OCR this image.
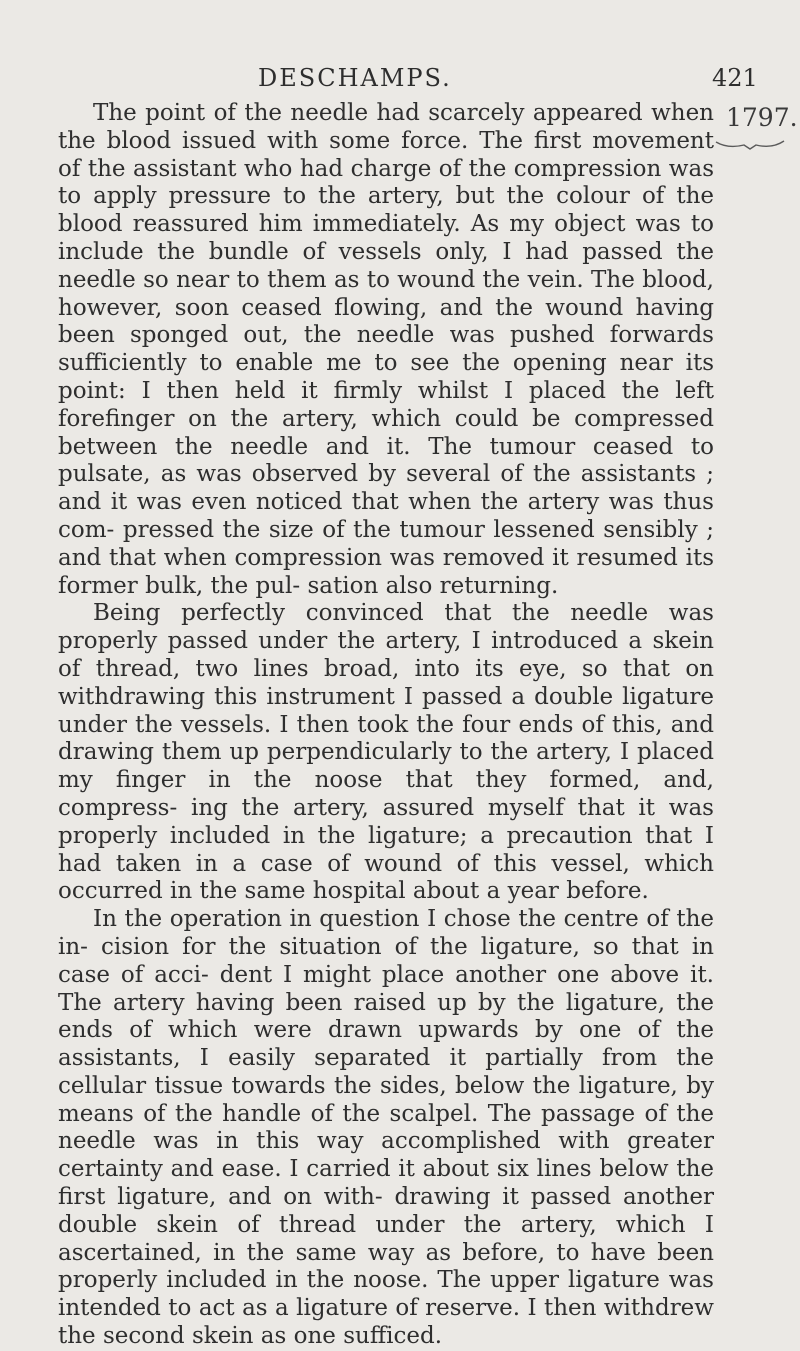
DESCHAMPS.	421
1797.

The point of the needle had scarcely appeared when the blood issued with some force. The first movement of the assistant who had charge of the compression was to apply pressure to the artery, but the colour of the blood reassured him immediately. As my object was to include the bundle of vessels only, I had passed the needle so near to them as to wound the vein. The blood, however, soon ceased flowing, and the wound having been sponged out, the needle was pushed forwards sufficiently to enable me to see the opening near its point: I then held it firmly whilst I placed the left forefinger on the artery, which could be compressed between the needle and it. The tumour ceased to pulsate, as was observed by several of the assistants ; and it was even noticed that when the artery was thus com- pressed the size of the tumour lessened sensibly ; and that when compression was removed it resumed its former bulk, the pul- sation also returning.

Being perfectly convinced that the needle was properly passed under the artery, I introduced a skein of thread, two lines broad, into its eye, so that on withdrawing this instrument I passed a double ligature under the vessels. I then took the four ends of this, and drawing them up perpendicularly to the artery, I placed my finger in the noose that they formed, and, compress- ing the artery, assured myself that it was properly included in the ligature; a precaution that I had taken in a case of wound of this vessel, which occurred in the same hospital about a year before.

In the operation in question I chose the centre of the in- cision for the situation of the ligature, so that in case of acci- dent I might place another one above it. The artery having been raised up by the ligature, the ends of which were drawn upwards by one of the assistants, I easily separated it partially from the cellular tissue towards the sides, below the ligature, by means of the handle of the scalpel. The passage of the needle was in this way accomplished with greater certainty and ease. I carried it about six lines below the first ligature, and on with- drawing it passed another double skein of thread under the artery, which I ascertained, in the same way as before, to have been properly included in the noose. The upper ligature was intended to act as a ligature of reserve. I then withdrew the second skein as one sufficed.
